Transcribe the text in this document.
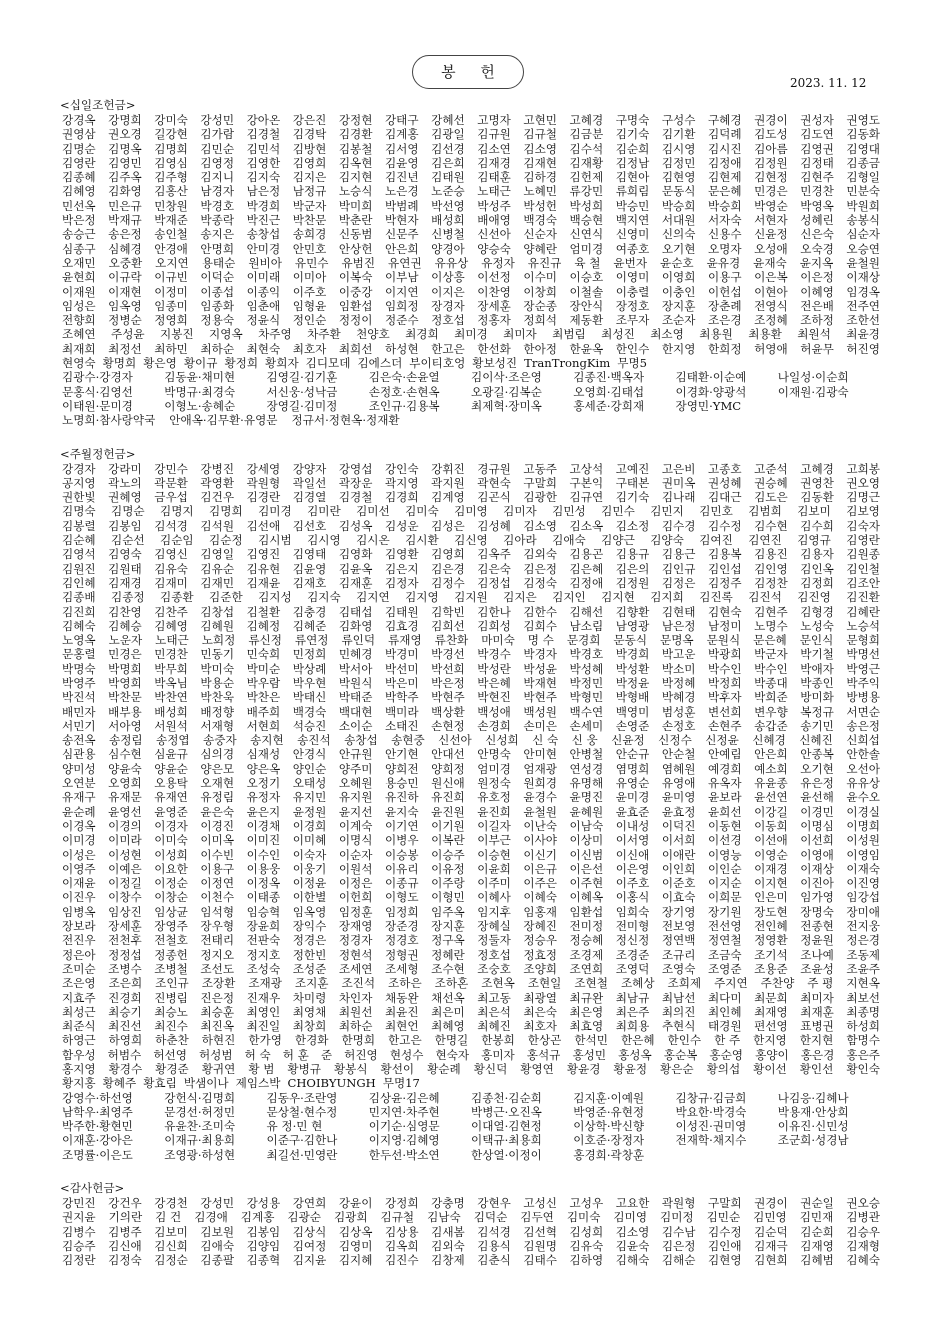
봉 헌
2023. 11. 12
<십일조헌금>
강경옥 강명희 강미숙 강성민 강아온 강은진 강정현 강태구 강혜선 고명자 고현민 고혜경 구명숙 구성수 구혜경 권경이 권성자 권영도
권영삼 권오경 길강현 김가람 김경철 김경탁 김경환 김계홍 김광일 김규원 김규철 김금분 김기숙 김기환 김덕례 김도성 김도연 김동화
김명순 김명옥 김명희 김민순 김민석 김방현 김봉철 김서영 김선경 김소연 김소영 김수석 김순희 김시영 김시진 김아름 김영권 김영대
김영란 김영민 김영심 김영정 김영한 김영희 김옥현 김윤영 김은희 김재경 김재현 김재황 김정남 김정민 김정애 김정원 김정태 김종금
김종혜 김주옥 김주형 김지니 김지숙 김지은 김지현 김진년 김태원 김태훈 김하경 김헌제 김현아 김현영 김현제 김현정 김현주 김형일
김혜영 김화영 김홍산 남경자 남은정 남정규 노승식 노은경 노준승 노태근 노혜민 류강민 류희림 문동식 문은혜 민경은 민경찬 민분숙
민선옥 민은규 민창원 박경호 박경희 박군자 박미희 박범례 박선영 박성주 박성헌 박성희 박승민 박승희 박승희 박영순 박영옥 박원희
박은정 박재규 박재준 박종락 박진근 박찬문 박춘란 박현자 배성희 배애영 백경숙 백승현 백지연 서대원 서자숙 서현자 성혜린 송봉식
송승근 송은정 송인철 송지은 송창섭 송희경 신동범 신문주 신병철 신선아 신순자 신연식 신영미 신의숙 신용수 신윤정 신은숙 심순자
심종구 심혜경 안경애 안명희 안미경 안민호 안상헌 안은희 양경아 양승숙 양혜란 엄미경 여종호 오기현 오명자 오성애 오숙경 오승연
오재민 오중환 오지연 용태순 원비아 유민수 유범진 유연권 유유상 유정자 유진규 육 철 윤번자 윤순호 윤유경 윤재숙 윤지옥 윤철원
윤현희 이규락 이규빈 이덕순 이미래 이미아 이복숙 이부남 이상흥 이선정 이수미 이승호 이영미 이영희 이용구 이은복 이은정 이재상
이재원 이재현 이정미 이종섭 이종익 이주호 이중강 이지연 이지은 이찬영 이창희 이철솔 이충렬 이충인 이헌섭 이현아 이혜영 임경옥
임성은 임옥영 임종미 임종화 임춘애 임형윤 임환섭 임희정 장경자 장세훈 장순종 장안식 장정호 장지훈 장춘례 전영식 전은배 전주연
전향희 정병순 정영희 정용숙 정윤식 정인순 정정이 정준수 정호섭 정홍자 정희석 제동환 조무자 조순자 조은경 조정혜 조하정 조한선
조혜연 주성윤 지봉진 지영옥 차주영 차주환 천양호 최경희 최미경 최미자 최범림 최성진 최소영 최용원 최용환 최원석 최윤경
최재희 최정선 최하민 최하순 최현숙 최호자 최희선 하성현 한고은 한선화 한아정 한윤옥 한인수 한지영 한희정 허영애 허윤무 허진영
현영숙 황명희 황은영 황이규 황정희 황희자 김디모데 김에스더 부이티호엉 황보성진 TranTrongKim 무명5
김광수·강경자	김동윤·채미현	김영길·김기훈	김은숙·손윤열	김이삭·조은영	김종진·백옥자	김태환·이순예	나일성·이순희
문홍식·김영선	박명규·최경숙	서신웅·성낙금	손정호·손현옥	오광길·김복순	오영희·김태섭	이경화·양광석	이재원·김광숙
이태원·문미경	이형노·송혜순	장영길·김미정	조인규·김용복	최제혁·장미옥	홍세준·강희재	장영민·YMC
노명희·참사랑약국 안애옥·김무환·유영문 정규서·정현옥·정재환
<주월정헌금>
강경자 강라미 강민수 강병진 강세영 강양자 강영섭 강인숙 강휘진 경규원 고동주 고상석 고예진 고은비 고종호 고준석 고혜경 고희봉
공지영 곽노의 곽문환 곽영환 곽원형 곽일선 곽장운 곽지영 곽지원 곽현숙 구말희 구본익 구태본 권미옥 권성혜 권승혜 권영찬 권오영
권한빛 권혜영 금우섭 김건우 김경란 김경열 김경철 김경희 김계영 김곤식 김광한 김규연 김기숙 김나래 김대근 김도은 김동환 김명근
김명숙 김명순 김명지 김명희 김미경 김미란 김미선 김미숙 김미영 김미자 김민성 김민수 김민지 김민호 김범희 김보미 김보영
김봉렬 김봉임 김석경 김석원 김선애 김선호 김성옥 김성운 김성은 김성혜 김소영 김소옥 김소정 김수경 김수정 김수현 김수희 김숙자
김순혜 김순선 김순임 김순정 김시범 김시영 김시온 김시환 김신영 김아라 김애숙 김양근 김양숙 김여진 김연진 김영규 김영란
김영석 김영숙 김영신 김영일 김영진 김영태 김영화 김영환 김영희 김옥주 김외숙 김용곤 김용규 김용근 김용복 김용진 김용자 김원종
김원진 김원태 김유숙 김유순 김유현 김윤영 김윤옥 김은지 김은경 김은숙 김은정 김은혜 김은의 김인규 김인섭 김인영 김인옥 김인철
김인혜 김재경 김재미 김재민 김재윤 김재호 김재훈 김정자 김정수 김정섭 김정숙 김정애 김정원 김정은 김정주 김정찬 김정희 김조안
김종배 김종정 김종환 김준한 김지성 김지숙 김지연 김지영 김지원 김지은 김지인 김지현 김지희 김진록 김진석 김진영 김진환
김진희 김찬영 김찬주 김창섭 김철환 김충경 김태섭 김태원 김학빈 김한나 김한수 김해선 김향환 김현태 김현숙 김현주 김형경 김혜란
김혜숙 김혜승 김혜영 김혜원 김혜정 김혜준 김화영 김효경 김희선 김희성 김희수 남소림 남영광 남은정 남정미 노명수 노성숙 노승석
노영옥 노운자 노태근 노희정 류신정 류연정 류인덕 류재영 류찬화 마미숙 명 수 문경희 문동식 문명옥 문원식 문은혜 문인식 문형희
문홍렬 민경은 민경찬 민동기 민숙희 민정희 민혜경 박경미 박경선 박경수 박경자 박경호 박경희 박고운 박광희 박군자 박기철 박명선
박명숙 박명희 박무희 박미숙 박미순 박상례 박서아 박선미 박선희 박성란 박성윤 박성혜 박성환 박소미 박수인 박수인 박애자 박영근
박영주 박영희 박옥님 박용순 박우람 박우현 박원식 박은미 박은정 박은혜 박재현 박정민 박정윤 박정혜 박정희 박종대 박종인 박주익
박진석 박찬문 박찬연 박찬욱 박찬은 박태신 박태준 박학주 박현주 박현진 박현주 박형민 박형배 박혜경 박후자 박희준 방미화 방병용
배민자 배부용 배성희 배정향 배주희 백경숙 백대현 백미라 백상환 백성애 백성원 백수연 백영미 범성훈 변선희 변우향 복정규 서면순
서민기 서아영 서원석 서재형 서현희 석승진 소이순 소태진 손현정 손경희 손미은 손세미 손영준 손정호 손현주 송갑준 송기민 송은정
송전옥 송정림 송정엽 송중자 송지현 송진석 송창섭 송현중 신선아 신성희 신 숙 신 웅 신윤정 신정수 신정윤 신혜경 신혜진 신희섭
심관용 심수현 심윤규 심의경 심재성 안경식 안규원 안기현 안대선 안명숙 안미현 안병철 안순규 안순철 안예림 안은희 안종복 안한솔
양미성 양윤숙 양윤순 양은모 양은옥 양인순 양주미 양희전 양희정 엄미경 엄재광 연성경 염명희 염혜원 예경희 예소희 오기현 오선아
오연분 오영희 오용탁 오재현 오정기 오태성 오혜원 용승민 원신애 원정숙 원희경 유명해 유영순 유영애 유옥자 유윤종 유은정 유유상
유재구 유재문 유재연 유정림 유정자 유지민 유지원 유진하 유진희 유호정 윤경수 윤명진 윤미경 윤미영 윤보라 윤선연 윤선해 윤수오
윤순례 윤영선 윤영준 윤은숙 윤은지 윤정원 윤지선 윤지숙 윤진원 윤진희 윤철원 윤혜원 윤효준 윤효정 윤희선 이강길 이경민 이경실
이경옥 이경의 이경자 이경진 이경채 이경희 이계숙 이기연 이기원 이길자 이난숙 이남숙 이내성 이덕진 이동현 이동희 이명심 이명희
이미경 이미라 이미숙 이미옥 이미진 이미혜 이명식 이병우 이복란 이부근 이사야 이상미 이서영 이서희 이선경 이선애 이선희 이성원
이성은 이성현 이성희 이수빈 이수인 이숙자 이순자 이승봉 이승주 이승현 이신기 이신범 이신애 이애란 이영능 이영순 이영애 이영임
이영주 이예은 이요한 이용구 이용웅 이웅기 이원석 이유리 이유정 이윤희 이은규 이은선 이은영 이인희 이인순 이재경 이재상 이재숙
이재윤 이정길 이정순 이정연 이정옥 이정윤 이정은 이종규 이주랑 이주미 이주은 이주현 이주호 이준호 이지순 이지현 이진아 이진영
이진우 이창수 이창순 이천수 이태종 이한별 이헌희 이형도 이형민 이혜사 이혜숙 이혜옥 이홍식 이효숙 이희문 인은미 임가영 임강섭
임병옥 임상진 임상균 임석형 임승혁 임옥영 임정훈 임정희 임주옥 임지후 임홍재 임환섭 임희숙 장기영 장기원 장도현 장명숙 장미애
장보라 장세훈 장영주 장우형 장윤희 장익수 장재영 장준경 장지훈 장혜실 장혜진 전미정 전미형 전보영 전선영 전인혜 전종현 전지웅
전진우 전천후 전철호 전태리 전판숙 정경은 정경자 정경호 정구옥 정둘자 정승우 정승혜 정신정 정연백 정연철 정영환 정윤원 정은경
정은아 정정섭 정종헌 정지오 정지호 정한빈 정현석 정형권 정혜란 정호섭 정효정 조경제 조경준 조규리 조금숙 조기석 조나예 조동제
조미순 조병수 조병철 조선도 조성숙 조성준 조세연 조세형 조수현 조숭호 조양희 조연희 조영덕 조영숙 조영준 조용준 조윤성 조윤주
조은영 조은희 조인규 조장환 조재광 조지훈 조진석 조하은 조하혼 조현옥 조현일 조현철 조혜상 조희제 주지연 주찬양 주 평 지현옥
지효주 진경희 진병림 진은정 진재우 차미령 차인자 채동완 채선옥 최고동 최광열 최규완 최남규 최남선 최다미 최문희 최미자 최보선
최성근 최승기 최승노 최승훈 최영인 최영채 최원선 최윤진 최은미 최은석 최은숙 최은영 최은주 최의진 최인혜 최재영 최재훈 최종명
최준식 최진선 최진수 최진옥 최진일 최창희 최하순 최현언 최혜영 최혜진 최호자 최효영 최희용 추현식 태경원 편선영 표병권 하성희
하영근 하영희 하춘찬 하현진 한가영 한경화 한명희 한고은 한명길 한봉희 한상곤 한석민 한은혜 한인수 한 주 한지영 한지현 함명수
함우성 허범수 허선영 허성범 허 숙 허 훈 준 허진영 현성수 현숙자 홍미자 홍석규 홍성민 홍성옥 홍순복 홍순영 홍양이 홍은경 홍은주
홍지영 황경수 황경준 황귀연 황 범 황병규 황봉식 황선이 황순례 황신덕 황영연 황윤경 황윤정 황은순 황의섭 황이선 황인선 황인숙
황지홍 황혜주 황효림 박샘이나 제임스박 CHOIBYUNGH 무명17
강영수·하선영	강헌식·김명희	김동우·조란영	김상윤·김은혜	김종천·김순희	김지훈·이예원	김창규·김금희	나김응·김혜나
남학우·최영주	문경선·허정민	문상철·현수정	민지연·차주현	박병근·오진옥	박영준·유현정	박요한·박경숙	박용재·안상희
박주한·황현민	유윤찬·조미숙	유 정·민 현	이기순·심영문	이대열·김현정	이상학·박신향	이성진·권미영	이유진·신민성
이재훈·강아은	이재규·최용희	이준구·김한나	이지영·김혜영	이택규·최용희	이호준·장정자	전재학·채지수	조군희·성경남
조명률·이은도	조영광·하성현	최길선·민영란	한두선·박소연	한상열·이정이	홍경희·곽창훈
<감사헌금>
강민진 강건우 강경천 강성민 강성용 강연희 강윤이 강정희 강충명 강현우 고성신 고성우 고요한 곽원형 구말희 권경이 권순일 권오승
권지윤 기의란 김 건 김경애 김계홍 김광순 김광희 김규철 김남숙 김덕순 김두연 김미숙 김미영 김미정 김민순 김민영 김민재 김병관
김병수 김병주 김보미 김보원 김봉임 김상식 김상옥 김상용 김새봄 김석경 김선혁 김성희 김소영 김수남 김수정 김순덕 김순희 김승우
김승주 김신애 김신희 김애숙 김양임 김여정 김영미 김옥희 김외숙 김용식 김원명 김유숙 김윤숙 김은정 김인애 김재극 김재영 김재형
김정란 김정숙 김정순 김종팔 김종혁 김지윤 김지혜 김진수 김창제 김춘식 김태수 김하영 김해숙 김해순 김현영 김현희 김혜범 김혜숙
